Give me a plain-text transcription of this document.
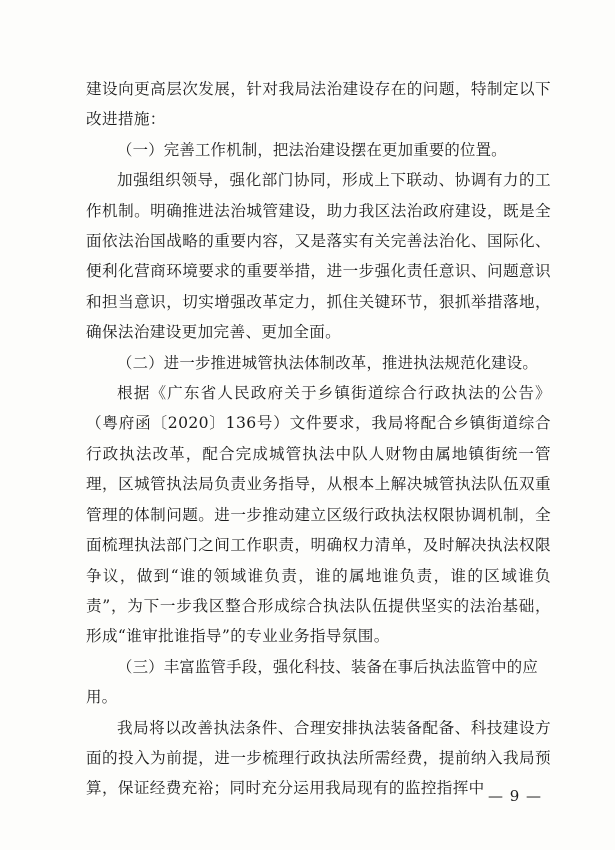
建设向更高层次发展，针对我局法治建设存在的问题，特制定以下改进措施：

（一）完善工作机制，把法治建设摆在更加重要的位置。

加强组织领导，强化部门协同，形成上下联动、协调有力的工作机制。明确推进法治城管建设，助力我区法治政府建设，既是全面依法治国战略的重要内容，又是落实有关完善法治化、国际化、便利化营商环境要求的重要举措，进一步强化责任意识、问题意识和担当意识，切实增强改革定力，抓住关键环节，狠抓举措落地，确保法治建设更加完善、更加全面。

（二）进一步推进城管执法体制改革，推进执法规范化建设。

根据《广东省人民政府关于乡镇街道综合行政执法的公告》（粤府函〔2020〕136号）文件要求，我局将配合乡镇街道综合行政执法改革，配合完成城管执法中队人财物由属地镇街统一管理，区城管执法局负责业务指导，从根本上解决城管执法队伍双重管理的体制问题。进一步推动建立区级行政执法权限协调机制，全面梳理执法部门之间工作职责，明确权力清单，及时解决执法权限争议，做到“谁的领域谁负责，谁的属地谁负责，谁的区域谁负责”，为下一步我区整合形成综合执法队伍提供坚实的法治基础，形成“谁审批谁指导”的专业业务指导氛围。

（三）丰富监管手段，强化科技、装备在事后执法监管中的应用。

我局将以改善执法条件、合理安排执法装备配备、科技建设方面的投入为前提，进一步梳理行政执法所需经费，提前纳入我局预算，保证经费充裕；同时充分运用我局现有的监控指挥中 — 9 —
